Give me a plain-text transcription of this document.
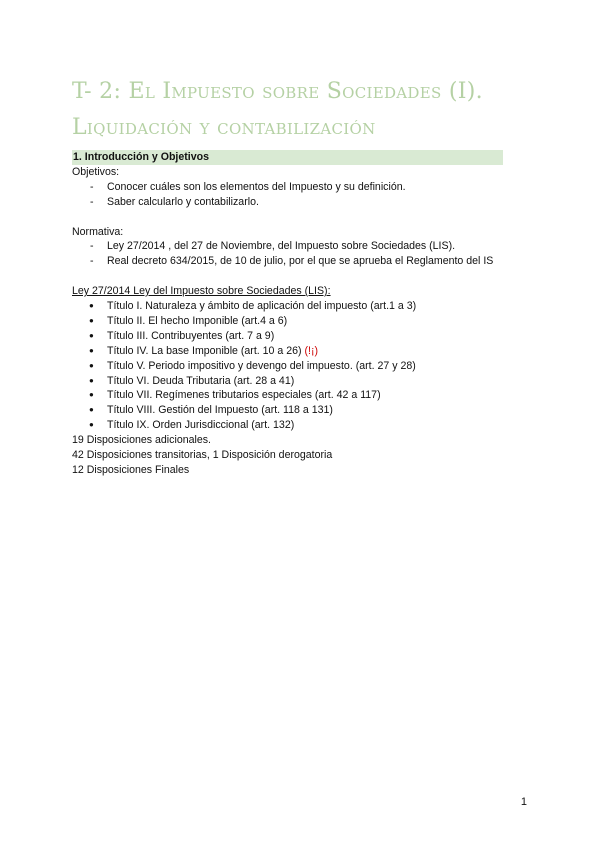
T- 2: El Impuesto sobre Sociedades (I). Liquidación y contabilización
1. Introducción y Objetivos

Objetivos:

- Conocer cuáles son los elementos del Impuesto y su definición.
- Saber calcularlo y contabilizarlo.

Normativa:

- Ley 27/2014 , del 27 de Noviembre, del Impuesto sobre Sociedades (LIS).
- Real decreto 634/2015, de 10 de julio, por el que se aprueba el Reglamento del IS

Ley 27/2014 Ley del Impuesto sobre Sociedades (LIS):

● Título I. Naturaleza y ámbito de aplicación del impuesto (art.1 a 3)
● Título II. El hecho Imponible (art.4 a 6)
● Título III. Contribuyentes (art. 7 a 9)
● Título IV. La base Imponible (art. 10 a 26) (!¡)
● Título V. Periodo impositivo y devengo del impuesto. (art. 27 y 28)
● Título VI. Deuda Tributaria (art. 28 a 41)
● Título VII. Regímenes tributarios especiales (art. 42 a 117)
● Título VIII. Gestión del Impuesto (art. 118 a 131)
● Título IX. Orden Jurisdiccional (art. 132)

19 Disposiciones adicionales.

42 Disposiciones transitorias, 1 Disposición derogatoria

12 Disposiciones Finales

1
